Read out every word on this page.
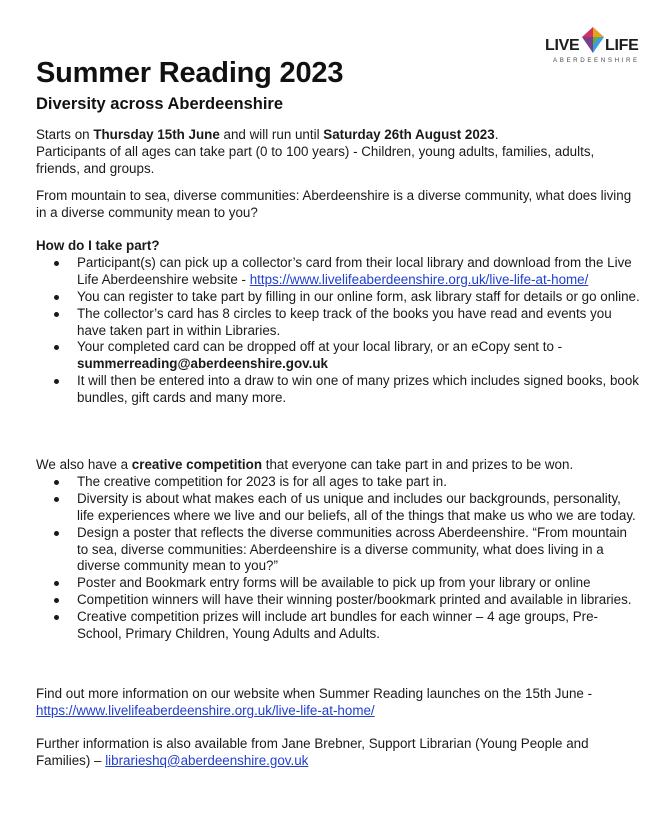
LIVE LIFE
ABERDEENSHIRE
Summer Reading 2023
Diversity across Aberdeenshire

Starts on Thursday 15th June and will run until Saturday 26th August 2023.

Participants of all ages can take part (0 to 100 years) - Children, young adults, families, adults, friends, and groups.

From mountain to sea, diverse communities: Aberdeenshire is a diverse community, what does living in a diverse community mean to you?

How do I take part?

Participant(s) can pick up a collector’s card from their local library and download from the Live Life Aberdeenshire website - https://www.livelifeaberdeenshire.org.uk/live-life-at-home/
You can register to take part by filling in our online form, ask library staff for details or go online.
The collector’s card has 8 circles to keep track of the books you have read and events you have taken part in within Libraries.
Your completed card can be dropped off at your local library, or an eCopy sent to -
summerreading@aberdeenshire.gov.uk
It will then be entered into a draw to win one of many prizes which includes signed books, book bundles, gift cards and many more.

We also have a creative competition that everyone can take part in and prizes to be won.

The creative competition for 2023 is for all ages to take part in.
Diversity is about what makes each of us unique and includes our backgrounds, personality, life experiences where we live and our beliefs, all of the things that make us who we are today.
Design a poster that reflects the diverse communities across Aberdeenshire. “From mountain to sea, diverse communities: Aberdeenshire is a diverse community, what does living in a diverse community mean to you?”
Poster and Bookmark entry forms will be available to pick up from your library or online
Competition winners will have their winning poster/bookmark printed and available in libraries.
Creative competition prizes will include art bundles for each winner – 4 age groups, Pre-School, Primary Children, Young Adults and Adults.

Find out more information on our website when Summer Reading launches on the 15th June -
https://www.livelifeaberdeenshire.org.uk/live-life-at-home/

Further information is also available from Jane Brebner, Support Librarian (Young People and Families) – librarieshq@aberdeenshire.gov.uk
